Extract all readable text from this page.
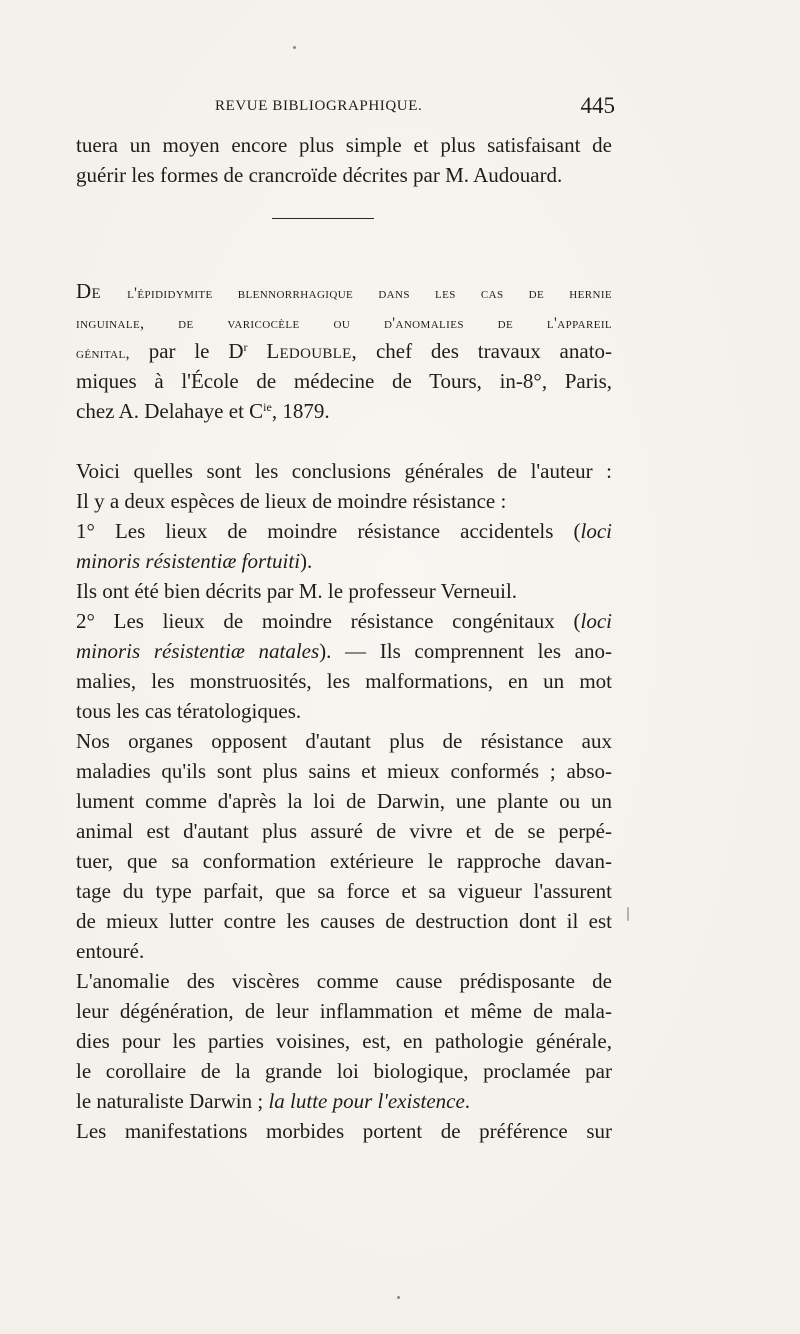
REVUE BIBLIOGRAPHIQUE.	445
tuera un moyen encore plus simple et plus satisfaisant de
guérir les formes de crancroïde décrites par M. Audouard.
De l'épididymite blennorrhagique dans les cas de hernie
inguinale, de varicocèle ou d'anomalies de l'appareil
génital, par le $D^r$ Ledouble, chef des travaux anato-
miques à l'École de médecine de Tours, in-8°, Paris,
chez A. Delahaye et $C^{ie}$, 1879.
Voici quelles sont les conclusions générales de l'auteur :
Il y a deux espèces de lieux de moindre résistance :
1° Les lieux de moindre résistance accidentels (loci
minoris résistentiæ fortuiti).
Ils ont été bien décrits par M. le professeur Verneuil.
2° Les lieux de moindre résistance congénitaux (loci
minoris résistentiæ natales). — Ils comprennent les ano-
malies, les monstruosités, les malformations, en un mot
tous les cas tératologiques.
Nos organes opposent d'autant plus de résistance aux
maladies qu'ils sont plus sains et mieux conformés ; abso-
lument comme d'après la loi de Darwin, une plante ou un
animal est d'autant plus assuré de vivre et de se perpé-
tuer, que sa conformation extérieure le rapproche davan-
tage du type parfait, que sa force et sa vigueur l'assurent
de mieux lutter contre les causes de destruction dont il est
entouré.
L'anomalie des viscères comme cause prédisposante de
leur dégénération, de leur inflammation et même de mala-
dies pour les parties voisines, est, en pathologie générale,
le corollaire de la grande loi biologique, proclamée par
le naturaliste Darwin ; la lutte pour l'existence.
Les manifestations morbides portent de préférence sur
